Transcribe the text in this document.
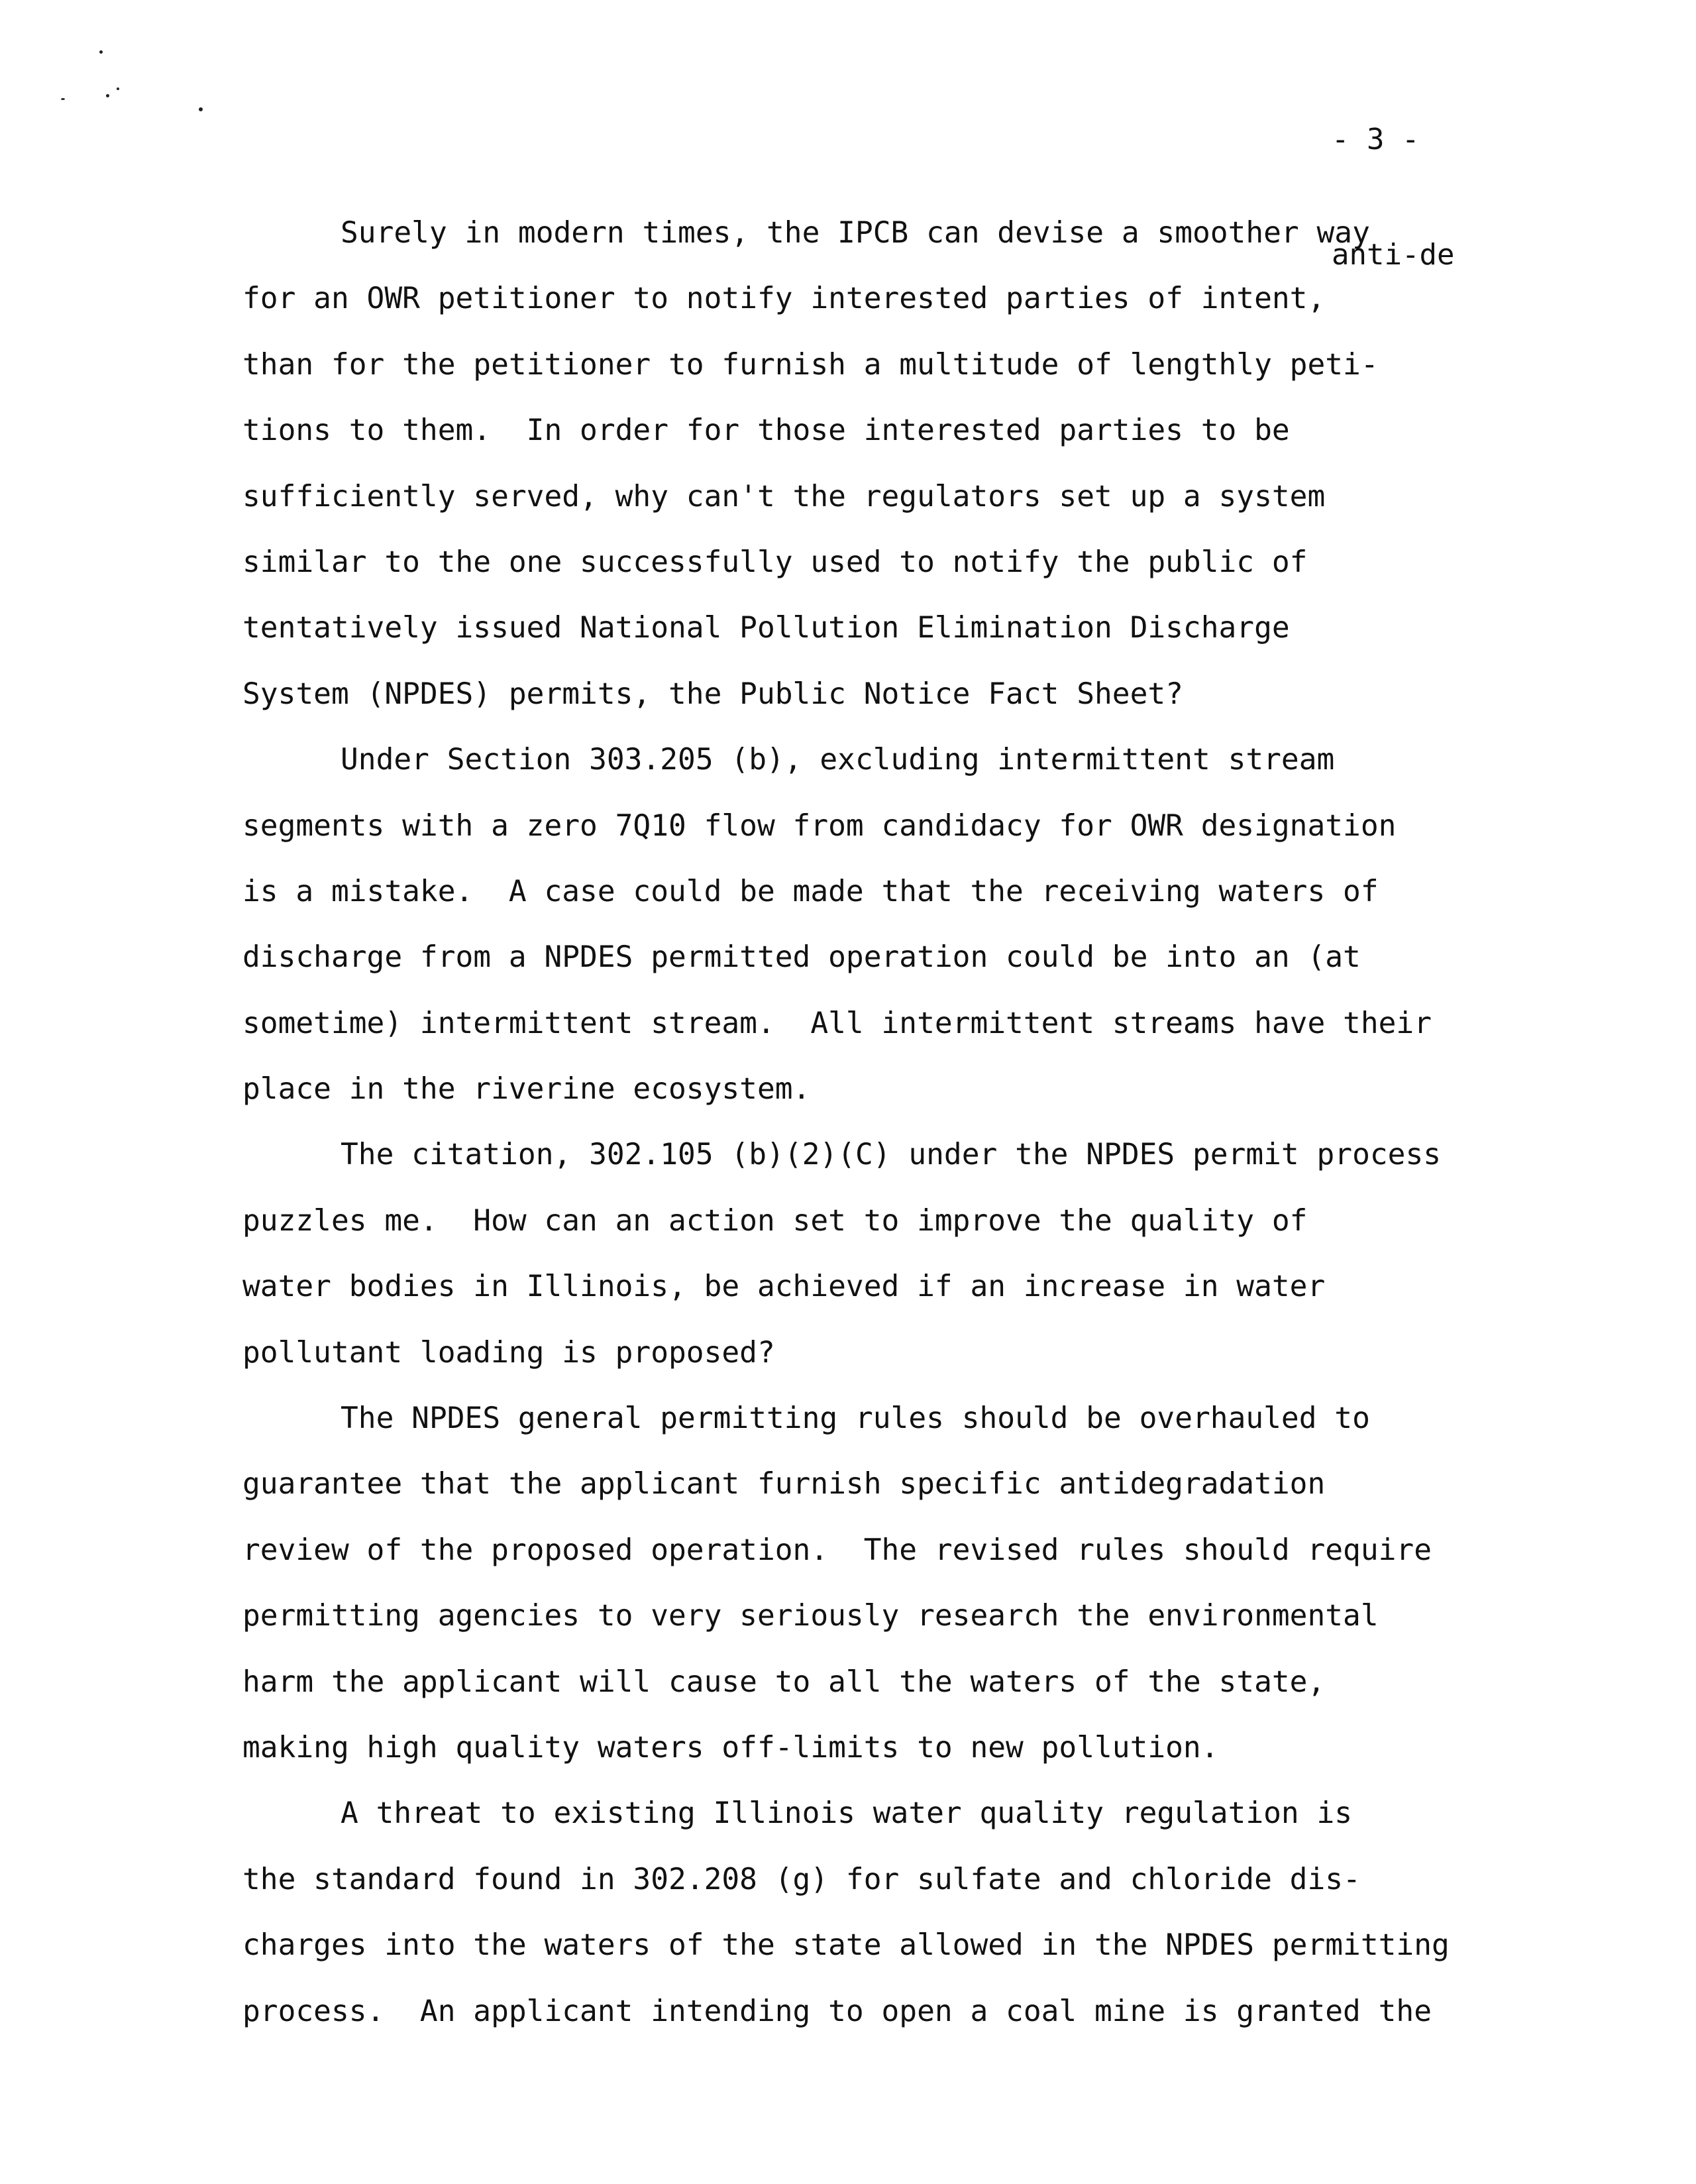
- 3 -

anti-de

Surely in modern times, the IPCB can devise a smoother way
for an OWR petitioner to notify interested parties of intent,
than for the petitioner to furnish a multitude of lengthly peti-
tions to them.  In order for those interested parties to be
sufficiently served, why can't the regulators set up a system
similar to the one successfully used to notify the public of
tentatively issued National Pollution Elimination Discharge
System (NPDES) permits, the Public Notice Fact Sheet?
Under Section 303.205 (b), excluding intermittent stream
segments with a zero 7Q10 flow from candidacy for OWR designation
is a mistake.  A case could be made that the receiving waters of
discharge from a NPDES permitted operation could be into an (at
sometime) intermittent stream.  All intermittent streams have their
place in the riverine ecosystem.
The citation, 302.105 (b)(2)(C) under the NPDES permit process
puzzles me.  How can an action set to improve the quality of
water bodies in Illinois, be achieved if an increase in water
pollutant loading is proposed?
The NPDES general permitting rules should be overhauled to
guarantee that the applicant furnish specific antidegradation
review of the proposed operation.  The revised rules should require
permitting agencies to very seriously research the environmental
harm the applicant will cause to all the waters of the state,
making high quality waters off-limits to new pollution.
A threat to existing Illinois water quality regulation is
the standard found in 302.208 (g) for sulfate and chloride dis-
charges into the waters of the state allowed in the NPDES permitting
process.  An applicant intending to open a coal mine is granted the
